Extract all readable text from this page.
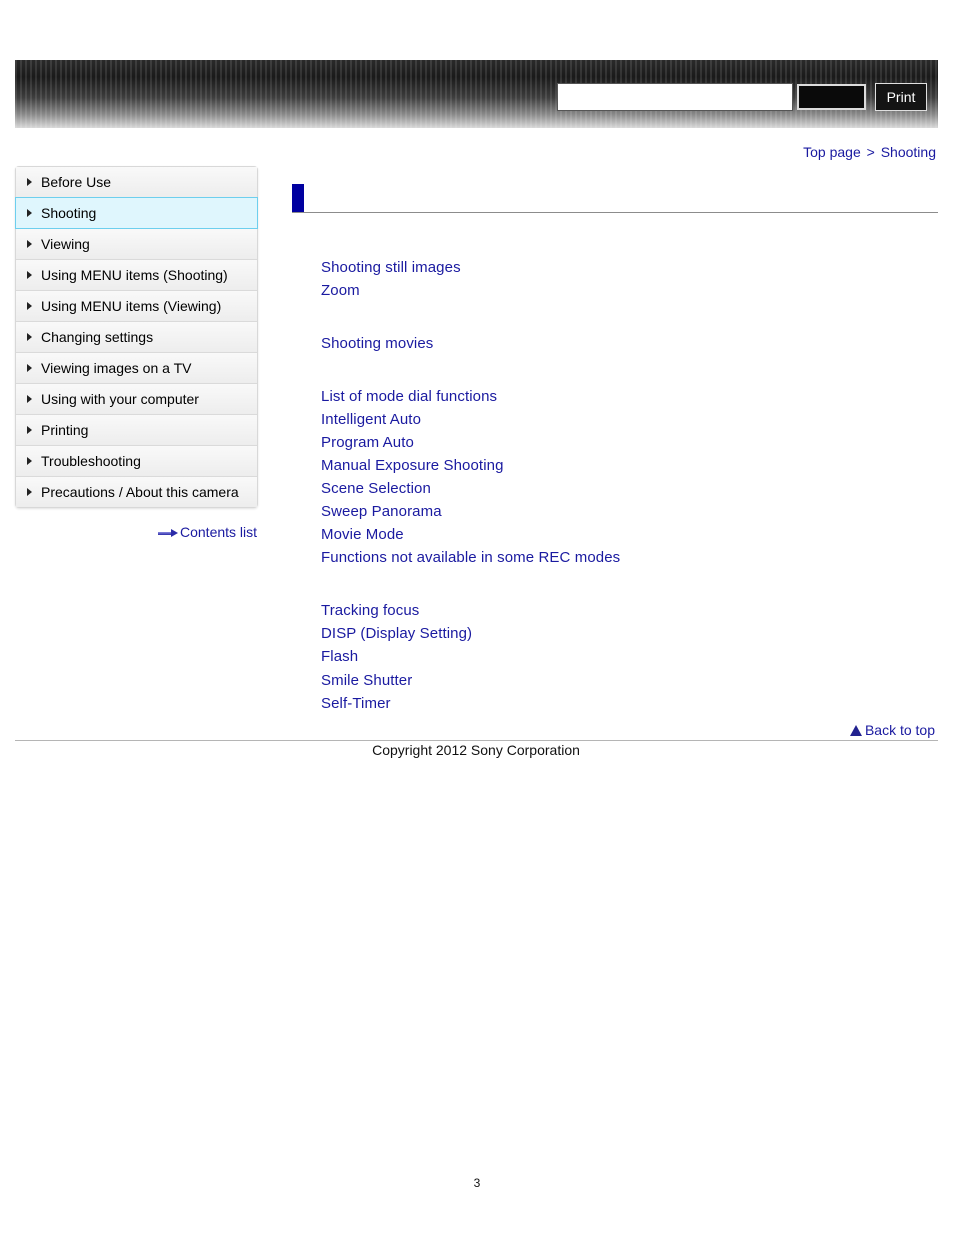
Print
Top page > Shooting
Before Use
Shooting
Viewing
Using MENU items (Shooting)
Using MENU items (Viewing)
Changing settings
Viewing images on a TV
Using with your computer
Printing
Troubleshooting
Precautions / About this camera
Contents list
Shooting still images
Zoom
Shooting movies
List of mode dial functions
Intelligent Auto
Program Auto
Manual Exposure Shooting
Scene Selection
Sweep Panorama
Movie Mode
Functions not available in some REC modes
Tracking focus
DISP (Display Setting)
Flash
Smile Shutter
Self-Timer
Back to top
Copyright 2012 Sony Corporation
3
